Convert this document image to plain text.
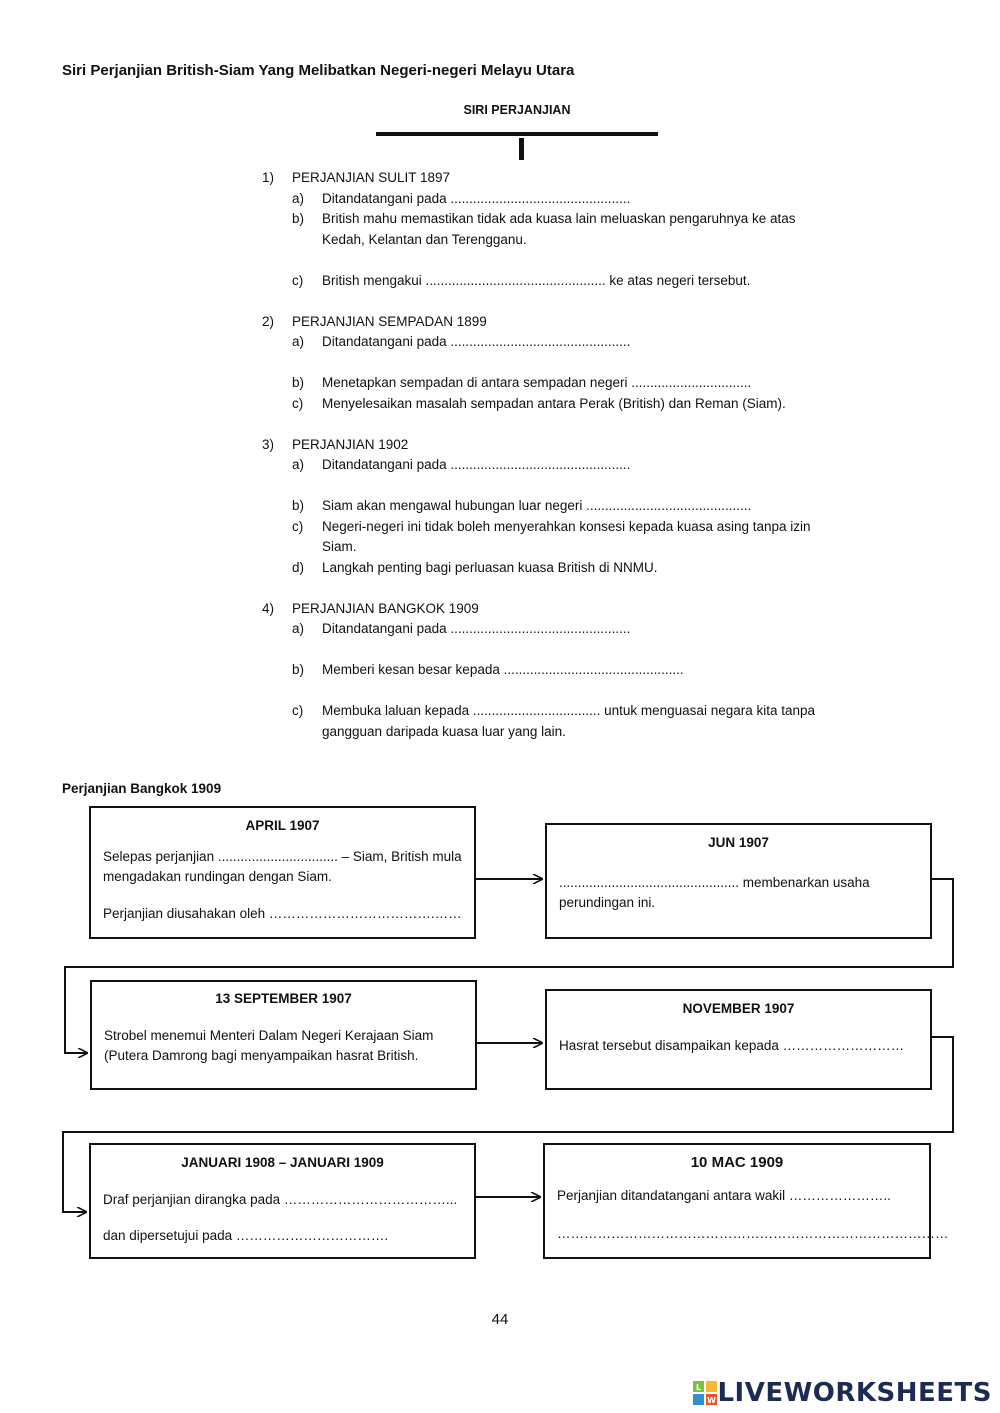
Siri Perjanjian British-Siam Yang Melibatkan Negeri-negeri Melayu Utara
SIRI PERJANJIAN
1)	PERJANJIAN SULIT 1897
a)	Ditandatangani pada ................................................
b)	British mahu memastikan tidak ada kuasa lain meluaskan pengaruhnya ke atas Kedah, Kelantan dan Terengganu.
c)	British mengakui ................................................ ke atas negeri tersebut.
2)	PERJANJIAN SEMPADAN 1899
a)	Ditandatangani pada ................................................
b)	Menetapkan sempadan di antara sempadan negeri ................................
c)	Menyelesaikan masalah sempadan antara Perak (British) dan Reman (Siam).
3)	PERJANJIAN 1902
a)	Ditandatangani pada ................................................
b)	Siam akan mengawal hubungan luar negeri ............................................
c)	Negeri-negeri ini tidak boleh menyerahkan konsesi kepada kuasa asing tanpa izin Siam.
d)	Langkah penting bagi perluasan kuasa British di NNMU.
4)	PERJANJIAN BANGKOK 1909
a)	Ditandatangani pada ................................................
b)	Memberi kesan besar kepada ................................................
c)	Membuka laluan kepada .................................. untuk menguasai negara kita tanpa gangguan daripada kuasa luar yang lain.
Perjanjian Bangkok 1909
APRIL 1907

Selepas perjanjian ................................ – Siam, British mula mengadakan rundingan dengan Siam.

Perjanjian diusahakan oleh ……………………………….……

JUN 1907

................................................ membenarkan usaha perundingan ini.

13 SEPTEMBER 1907

Strobel menemui Menteri Dalam Negeri Kerajaan Siam (Putera Damrong bagi menyampaikan hasrat British.

NOVEMBER 1907

Hasrat tersebut disampaikan kepada ………………………

JANUARI 1908 – JANUARI 1909

Draf perjanjian dirangka pada ………………………………...

dan dipersetujui pada …………………………….

10 MAC 1909

Perjanjian ditandatangani antara wakil …………………..

……………………………………………………………………………

44
L
W LIVEWORKSHEETS
